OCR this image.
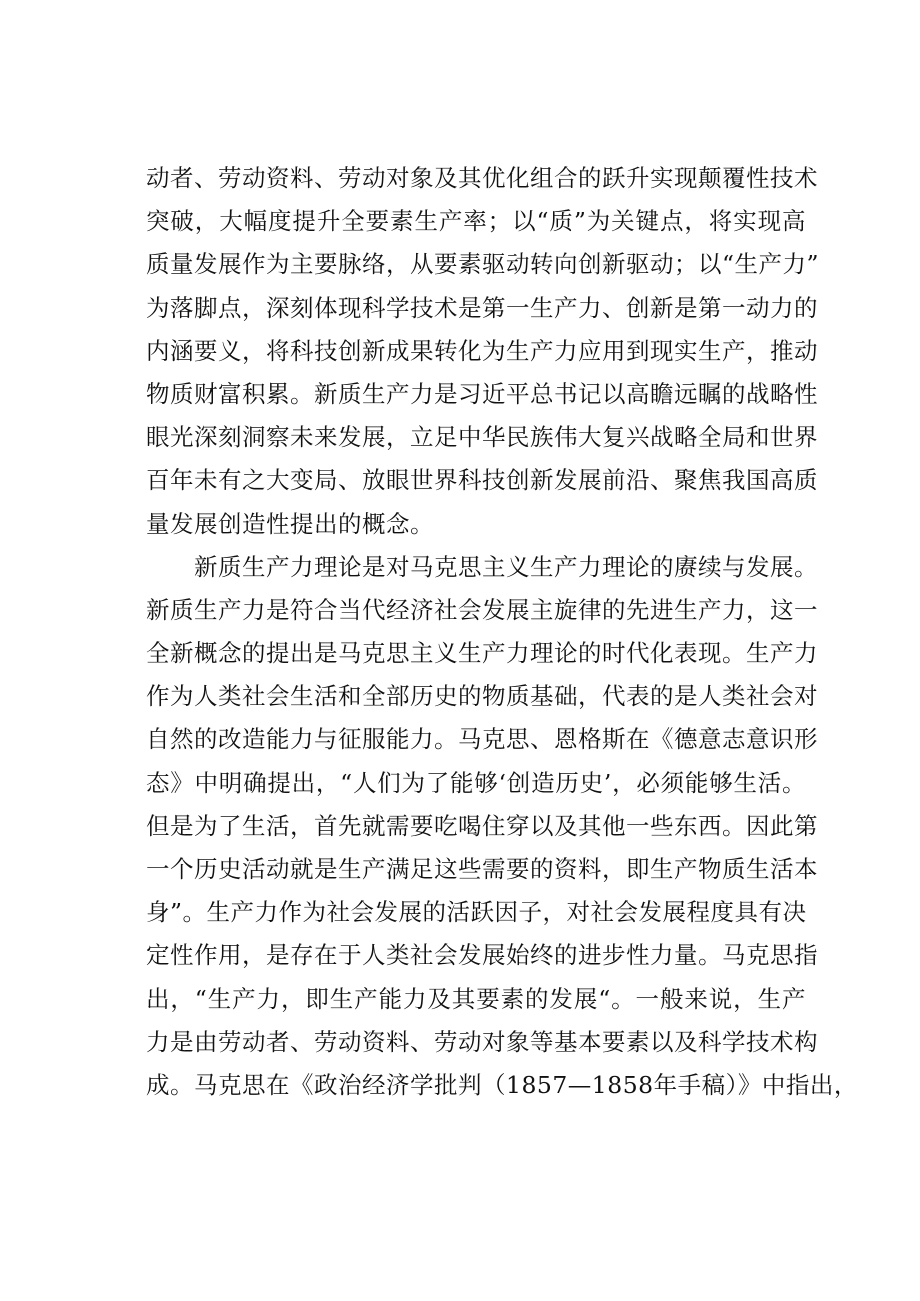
动者、劳动资料、劳动对象及其优化组合的跃升实现颠覆性技术
突破，大幅度提升全要素生产率；以“质”为关键点，将实现高
质量发展作为主要脉络，从要素驱动转向创新驱动；以“生产力”
为落脚点，深刻体现科学技术是第一生产力、创新是第一动力的
内涵要义，将科技创新成果转化为生产力应用到现实生产，推动
物质财富积累。新质生产力是习近平总书记以高瞻远瞩的战略性
眼光深刻洞察未来发展，立足中华民族伟大复兴战略全局和世界
百年未有之大变局、放眼世界科技创新发展前沿、聚焦我国高质
量发展创造性提出的概念。
新质生产力理论是对马克思主义生产力理论的赓续与发展。
新质生产力是符合当代经济社会发展主旋律的先进生产力，这一
全新概念的提出是马克思主义生产力理论的时代化表现。生产力
作为人类社会生活和全部历史的物质基础，代表的是人类社会对
自然的改造能力与征服能力。马克思、恩格斯在《德意志意识形
态》中明确提出，“人们为了能够‘创造历史’，必须能够生活。
但是为了生活，首先就需要吃喝住穿以及其他一些东西。因此第
一个历史活动就是生产满足这些需要的资料，即生产物质生活本
身”。生产力作为社会发展的活跃因子，对社会发展程度具有决
定性作用，是存在于人类社会发展始终的进步性力量。马克思指
出，“生产力，即生产能力及其要素的发展“。一般来说，生产
力是由劳动者、劳动资料、劳动对象等基本要素以及科学技术构
成。马克思在《政治经济学批判（1857—1858年手稿）》中指出，
